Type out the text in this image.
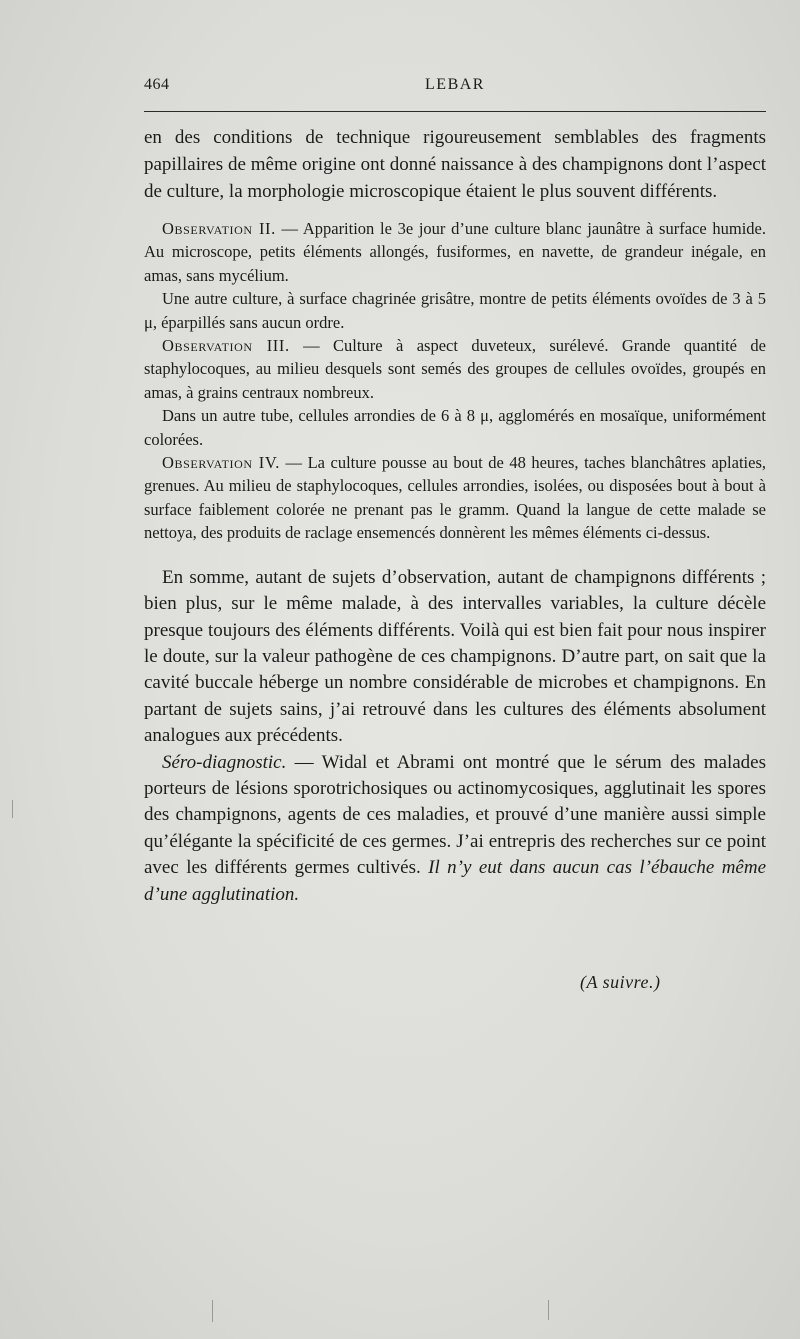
464	LEBAR

en des conditions de technique rigoureusement semblables des fragments papillaires de même origine ont donné naissance à des champignons dont l’aspect de culture, la morphologie microscopique étaient le plus souvent différents.

Observation II. — Apparition le 3e jour d’une culture blanc jaunâtre à surface humide. Au microscope, petits éléments allongés, fusiformes, en navette, de grandeur inégale, en amas, sans mycélium.

Une autre culture, à surface chagrinée grisâtre, montre de petits éléments ovoïdes de 3 à 5 μ, éparpillés sans aucun ordre.

Observation III. — Culture à aspect duveteux, surélevé. Grande quantité de staphylocoques, au milieu desquels sont semés des groupes de cellules ovoïdes, groupés en amas, à grains centraux nombreux.

Dans un autre tube, cellules arrondies de 6 à 8 μ, agglomérés en mosaïque, uniformément colorées.

Observation IV. — La culture pousse au bout de 48 heures, taches blanchâtres aplaties, grenues. Au milieu de staphylocoques, cellules arrondies, isolées, ou disposées bout à bout à surface faiblement colorée ne prenant pas le gramm. Quand la langue de cette malade se nettoya, des produits de raclage ensemencés donnèrent les mêmes éléments ci-dessus.

En somme, autant de sujets d’observation, autant de champignons différents ; bien plus, sur le même malade, à des intervalles variables, la culture décèle presque toujours des éléments différents. Voilà qui est bien fait pour nous inspirer le doute, sur la valeur pathogène de ces champignons. D’autre part, on sait que la cavité buccale héberge un nombre considérable de microbes et champignons. En partant de sujets sains, j’ai retrouvé dans les cultures des éléments absolument analogues aux précédents.

Séro-diagnostic. — Widal et Abrami ont montré que le sérum des malades porteurs de lésions sporotrichosiques ou actinomycosiques, agglutinait les spores des champignons, agents de ces maladies, et prouvé d’une manière aussi simple qu’élégante la spécificité de ces germes. J’ai entrepris des recherches sur ce point avec les différents germes cultivés. Il n’y eut dans aucun cas l’ébauche même d’une agglutination.

(A suivre.)
